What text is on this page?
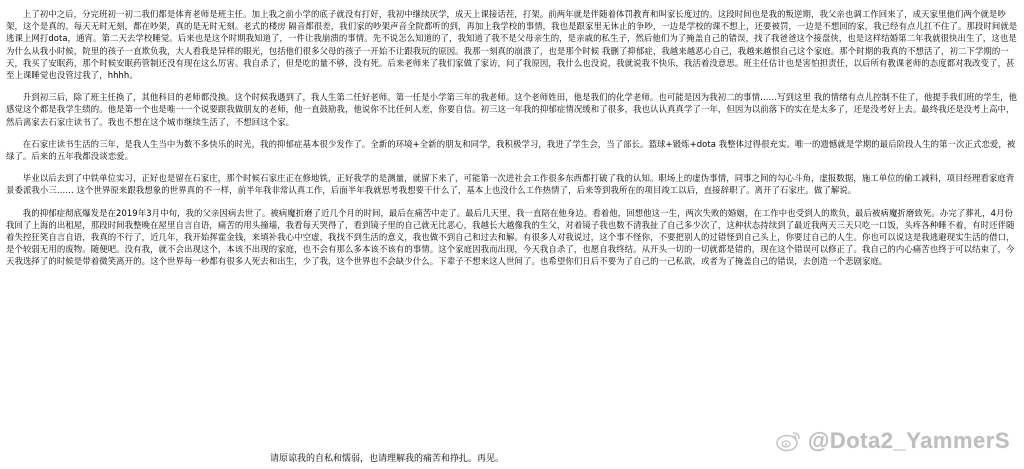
上了初中之后，分完班初一初二我们都是体育老师是班主任。加上我之前小学的底子就没有打好，我初中继续厌学，成天上课接话茬，打架。前两年就是伴随着体罚教育和叫家长度过的。这段时间也是我的叛逆期，我父亲也调工作回来了，成天家里他们两个就是吵架，这个是真的。每天无时无刻，都在吵架，真的是无时无刻。老式的楼房 隔音都很差，我们家的吵架声音全院都听的到，再加上我学校的事情，我也是跟家里无休止的争吵，一边是学校的课不想上，还要被罚，一边是不想回的家，我已经有点儿扛不住了。那段时间就是逃课上网打dota，通宵。第二天去学校睡觉。后来也是这个时期我知道了，一件让我崩溃的事情。先不说怎么知道的了，我知道了我不是父母亲生的，是亲戚的私生子，然后他们为了掩盖自己的错误，找了我爸爸这个接盘侠，也是这样结婚第二年我就很快出生了，这也是为什么从我小时候，院里的孩子一直欺负我，大人看我是异样的眼光，包括他们很多父母的孩子一开始不让跟我玩的原因。我那一刻真的崩溃了，也是那个时候 我删了抑郁症，我越来越恶心自己，我越来越恨自己这个家庭。那个时期的我真的不想活了，初二下学期的一天，我买了安眠药，那个时候安眠药管制还没有现在这么厉害。我自杀了，但是吃的量不够，没有死。后来老师来了我们家做了家访，问了我原因，我什么也没说，我就说我不快乐，我活着没意思。班主任估计也是害怕担责任，以后所有教课老师的态度都对我改变了，甚至上课睡觉也没管过我了，hhhh。

升到初三后，除了班主任换了，其他科目的老师都没换。这个时候我遇到了，我人生第二任好老师。第一任是小学第三年的我老师。这个老师姓田，他是我们的化学老师。也可能是因为我初二的事情……写到这里 我的情绪有点儿控制不住了，他提手我们班的学生，他感觉这个都是我学生绩的。他是第一个也是唯一一个说要跟我做朋友的老师，他一直鼓励我，他说你不比任何人差，你要自信。初三这一年我的抑郁症情况缓和了很多，我也认认真真学了一年，但因为以前落下的实在是太多了，还是没考好上去。最终我还是没考上高中，然后离家去石家庄读书了。我也不想在这个城市继续生活了，不想回这个家。

在石家庄读书生活的三年，是我人生当中为数不多快乐的时光，我的抑郁症基本很少发作了。全新的环境+全新的朋友和同学，我积极学习，我进了学生会，当了部长。篮球+锻炼+dota 我整体过得很充实。唯一的遗憾就是学期的最后阶段人生的第一次正式恋爱，被绿了。后来的五年我都没谈恋爱。

毕业以后去到了中铁单位实习，正好也是留在石家庄，那个时候石家庄正在修地铁，正好我学的是测量，就留下来了，可能第一次进社会工作很多东西都打破了我的认知。职场上的虚伪事情，同事之间的勾心斗角，虚报数据，施工单位的偷工减料，项目经理看家庭背景委派我小三…… 这个世界原来跟我想象的世界真的不一样，前半年我非常认真工作，后面半年我就思考我想要干什么了，基本上也没什么工作热情了，后来等到我所在的项目竣工以后，直接辞职了。离开了石家庄。做了解说。

我的抑郁症彻底爆发是在2019年3月中旬，我的父亲因病去世了。被病魔折磨了近几个月的时间，最后在痛苦中走了。最后几天里，我一直陪在他身边。看着他，回想他这一生，两次失败的婚姻，在工作中也受到人的欺负，最后被病魔折磨致死。办完了葬礼，4月份我回了上海的出租屋，那段时间我整晚在屋里自言自语，痛苦的用头撞墙，我看每天哭得了，看到镜子里的自己就无比恶心，我越长大越像我的生父，对着镜子我也数不清我扯了自己多少次了，这种状态持续到了最近我两天三天只吃一口饭，头疼各种睡不着，有时还伴随着失控狂笑自言自语，我真的不行了，近几年，我开始挥霍金钱，来填补我心中空虚，我找不到生活的意义，我也做不到自己和过去和解。有很多人对我说过，这个事不怪你，不要把别人的过错怪到自己头上，你要过自己的人生。你也可以说这是我逃避现实生活的借口，是个较弱无用的废物。随便吧。没有我，就不会出现这个，本该不出现的家庭，也不会有那么多本该不该有的事情。这个家庭因我而出现，今天我自杀了，也愿自我终结。从开头一切的一切就都是错的，现在这个错误可以修正了。我自己的内心痛苦也终于可以结束了，今天我选择了的时候是带着微笑离开的。这个世界每一秒都有很多人死去和出生，少了我，这个世界也不会缺少什么。下辈子不想来这人世间了。也希望你们日后不要为了自己的一己私欲，或者为了掩盖自己的错误，去创造一个悲剧家庭。

@Dota2_YammerS

请原谅我的自私和懦弱，也请理解我的痛苦和挣扎。再见。
